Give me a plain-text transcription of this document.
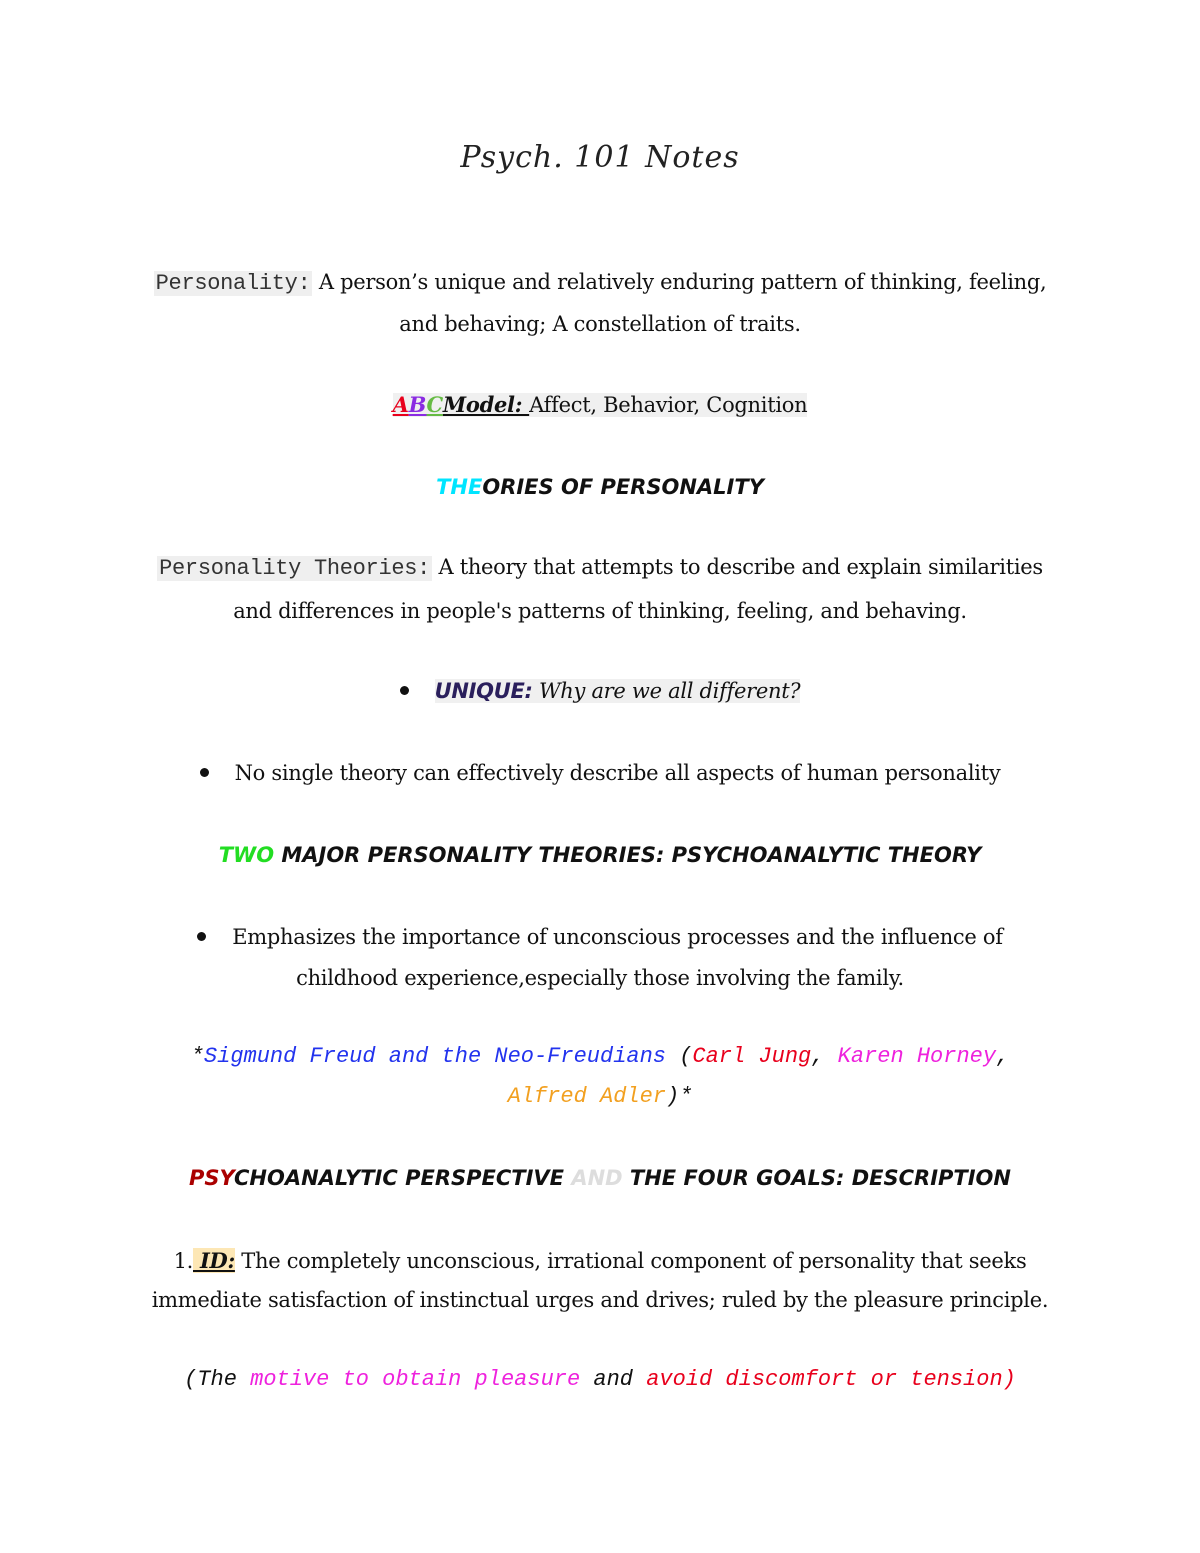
Psych. 101 Notes
Personality: A person’s unique and relatively enduring pattern of thinking, feeling,
and behaving; A constellation of traits.
ABCModel: Affect, Behavior, Cognition
THEORIES OF PERSONALITY
Personality Theories: A theory that attempts to describe and explain similarities
and differences in people's patterns of thinking, feeling, and behaving.
UNIQUE: Why are we all different?
No single theory can effectively describe all aspects of human personality
TWO MAJOR PERSONALITY THEORIES: PSYCHOANALYTIC THEORY
Emphasizes the importance of unconscious processes and the influence of
childhood experience,especially those involving the family.
*Sigmund Freud and the Neo-Freudians (Carl Jung, Karen Horney,
Alfred Adler)*
PSYCHOANALYTIC PERSPECTIVE AND THE FOUR GOALS: DESCRIPTION
1. ID: The completely unconscious, irrational component of personality that seeks
immediate satisfaction of instinctual urges and drives; ruled by the pleasure principle.
(The motive to obtain pleasure and avoid discomfort or tension)
